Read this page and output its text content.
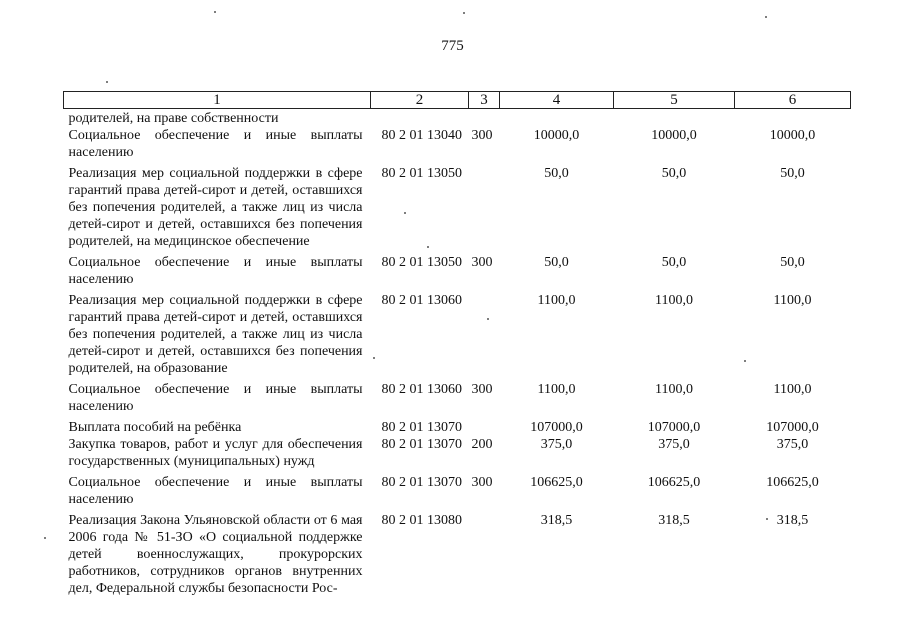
775
1	2	3	4	5	6
родителей, на праве собственности					
Социальное обеспечение и иные выплаты населению	80 2 01 13040	300	10000,0	10000,0	10000,0
Реализация мер социальной поддержки в сфере гарантий права детей-сирот и детей, оставшихся без попечения родителей, а также лиц из числа детей-сирот и детей, оставшихся без попечения родителей, на медицинское обеспечение	80 2 01 13050		50,0	50,0	50,0
Социальное обеспечение и иные выплаты населению	80 2 01 13050	300	50,0	50,0	50,0
Реализация мер социальной поддержки в сфере гарантий права детей-сирот и детей, оставшихся без попечения родителей, а также лиц из числа детей-сирот и детей, оставшихся без попечения родителей, на образование	80 2 01 13060		1100,0	1100,0	1100,0
Социальное обеспечение и иные выплаты населению	80 2 01 13060	300	1100,0	1100,0	1100,0
Выплата пособий на ребёнка	80 2 01 13070		107000,0	107000,0	107000,0
Закупка товаров, работ и услуг для обеспечения государственных (муниципальных) нужд	80 2 01 13070	200	375,0	375,0	375,0
Социальное обеспечение и иные выплаты населению	80 2 01 13070	300	106625,0	106625,0	106625,0
Реализация Закона Ульяновской области от 6 мая 2006 года № 51-ЗО «О социальной поддержке детей военнослужащих, прокурорских работников, сотрудников органов внутренних дел, Федеральной службы безопасности Рос-	80 2 01 13080		318,5	318,5	318,5
